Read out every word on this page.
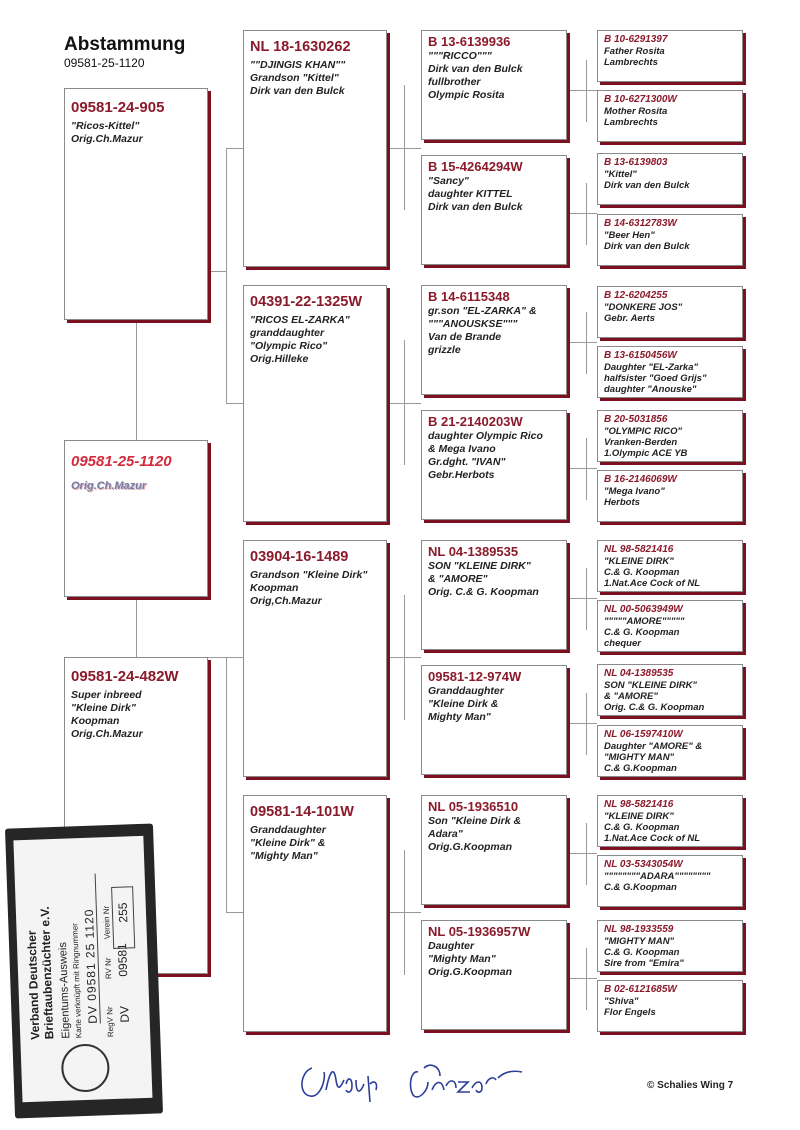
Abstammung
09581-25-1120
09581-24-905
"Ricos-Kittel"
Orig.Ch.Mazur
09581-25-1120
Orig.Ch.Mazur
09581-24-482W
Super inbreed
"Kleine Dirk"
Koopman
Orig.Ch.Mazur
NL 18-1630262
""DJINGIS KHAN""
Grandson "Kittel"
Dirk van den Bulck
04391-22-1325W
"RICOS EL-ZARKA"
granddaughter
"Olympic Rico"
Orig.Hilleke
03904-16-1489
Grandson "Kleine Dirk"
Koopman
Orig,Ch.Mazur
09581-14-101W
Granddaughter
"Kleine Dirk" &
"Mighty Man"
B 13-6139936
"""RICCO"""
Dirk van den Bulck
fullbrother
Olympic Rosita
B 15-4264294W
"Sancy"
daughter KITTEL
Dirk van den Bulck
B 14-6115348
gr.son "EL-ZARKA" &
"""ANOUSKSE"""
Van de Brande
grizzle
B 21-2140203W
daughter Olympic Rico
& Mega Ivano
Gr.dght. "IVAN"
Gebr.Herbots
NL 04-1389535
SON "KLEINE DIRK"
& "AMORE"
Orig. C.& G. Koopman
09581-12-974W
Granddaughter
"Kleine Dirk &
Mighty Man"
NL 05-1936510
Son "Kleine Dirk &
Adara"
Orig.G.Koopman
NL 05-1936957W
Daughter
"Mighty Man"
Orig.G.Koopman
B 10-6291397
Father Rosita
Lambrechts
B 10-6271300W
Mother Rosita
Lambrechts
B 13-6139803
"Kittel"
Dirk van den Bulck
B 14-6312783W
"Beer Hen"
Dirk van den Bulck
B 12-6204255
"DONKERE JOS"
Gebr. Aerts
B 13-6150456W
Daughter "EL-Zarka"
halfsister "Goed Grijs"
daughter "Anouske"
B 20-5031856
"OLYMPIC RICO"
Vranken-Berden
1.Olympic ACE YB
B 16-2146069W
"Mega Ivano"
Herbots
NL 98-5821416
"KLEINE DIRK"
C.& G. Koopman
1.Nat.Ace Cock of NL
NL 00-5063949W
"""""AMORE"""""
C.& G. Koopman
chequer
NL 04-1389535
SON "KLEINE DIRK"
& "AMORE"
Orig. C.& G. Koopman
NL 06-1597410W
Daughter "AMORE" &
"MIGHTY MAN"
C.& G.Koopman
NL 98-5821416
"KLEINE DIRK"
C.& G. Koopman
1.Nat.Ace Cock of NL
NL 03-5343054W
""""""""ADARA""""""""
C.& G.Koopman
NL 98-1933559
"MIGHTY MAN"
C.& G. Koopman
Sire from "Emira"
B 02-6121685W
"Shiva"
Flor Engels
Verband Deutscher
Brieftaubenzüchter e.V. Eigentums-Ausweis
Karte verknüpft mit Ringnummer
DV 09581 25 1120 RegV Nr DV
RV Nr 09581
Verein Nr 255
© Schalies Wing 7
